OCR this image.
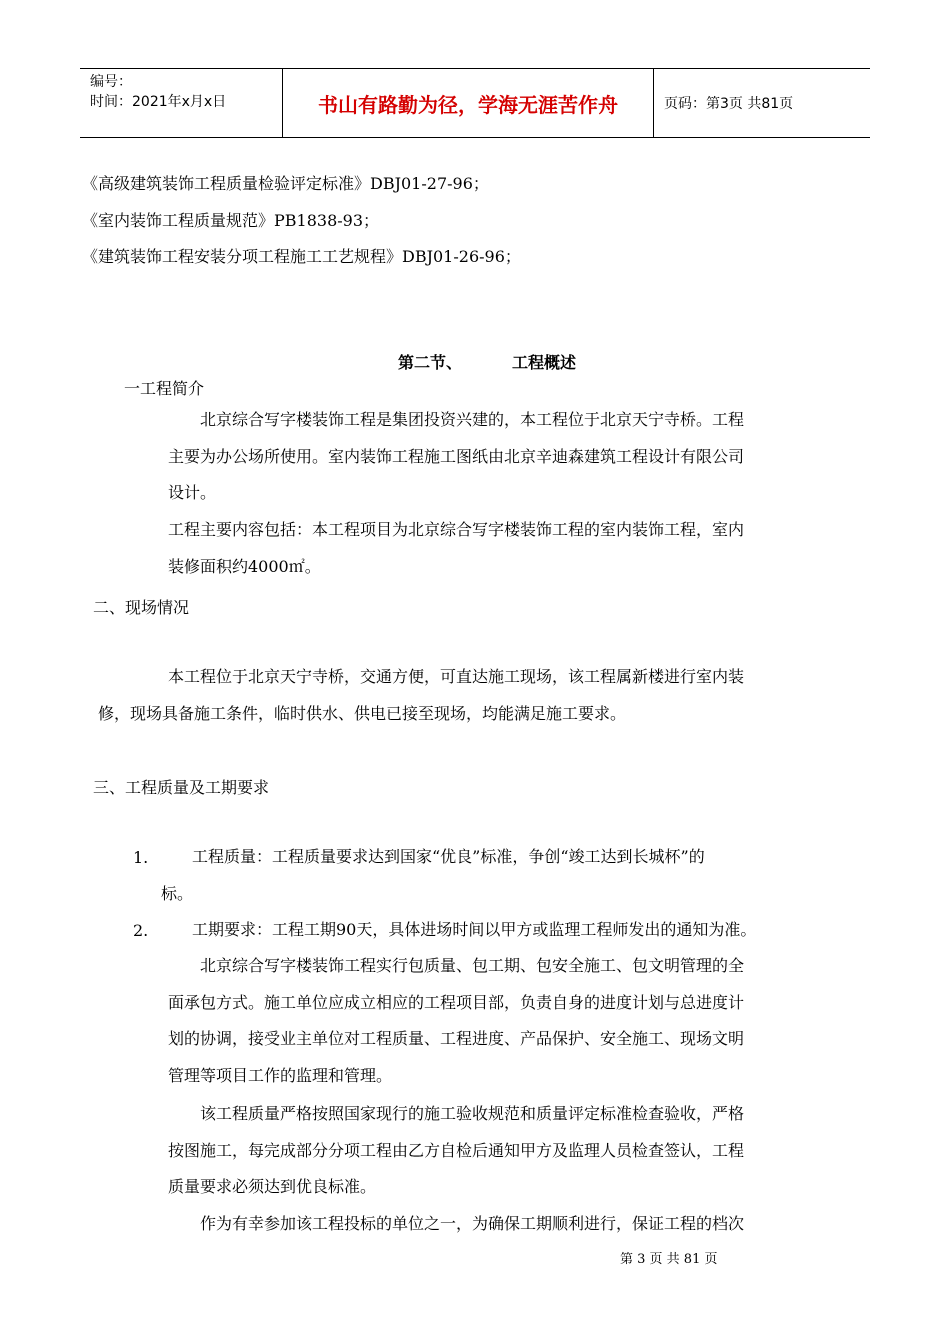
编号：
时间：2021年x月x日	书山有路勤为径，学海无涯苦作舟	页码：第3页 共81页
《高级建筑装饰工程质量检验评定标准》DBJ01-27-96；
《室内装饰工程质量规范》PB1838-93；
《建筑装饰工程安装分项工程施工工艺规程》DBJ01-26-96；
第二节、	工程概述
一工程简介
北京综合写字楼装饰工程是集团投资兴建的，本工程位于北京天宁寺桥。工程
主要为办公场所使用。室内装饰工程施工图纸由北京辛迪森建筑工程设计有限公司
设计。
工程主要内容包括：本工程项目为北京综合写字楼装饰工程的室内装饰工程，室内
装修面积约4000㎡。
二、现场情况
本工程位于北京天宁寺桥，交通方便，可直达施工现场，该工程属新楼进行室内装
修，现场具备施工条件，临时供水、供电已接至现场，均能满足施工要求。
三、工程质量及工期要求
1.	工程质量：工程质量要求达到国家“优良”标准，争创“竣工达到长城杯”的
标。
2.	工期要求：工程工期90天，具体进场时间以甲方或监理工程师发出的通知为准。
北京综合写字楼装饰工程实行包质量、包工期、包安全施工、包文明管理的全
面承包方式。施工单位应成立相应的工程项目部，负责自身的进度计划与总进度计
划的协调，接受业主单位对工程质量、工程进度、产品保护、安全施工、现场文明
管理等项目工作的监理和管理。
该工程质量严格按照国家现行的施工验收规范和质量评定标准检查验收，严格
按图施工，每完成部分分项工程由乙方自检后通知甲方及监理人员检查签认，工程
质量要求必须达到优良标准。
作为有幸参加该工程投标的单位之一，为确保工期顺利进行，保证工程的档次
第 3 页 共 81 页
